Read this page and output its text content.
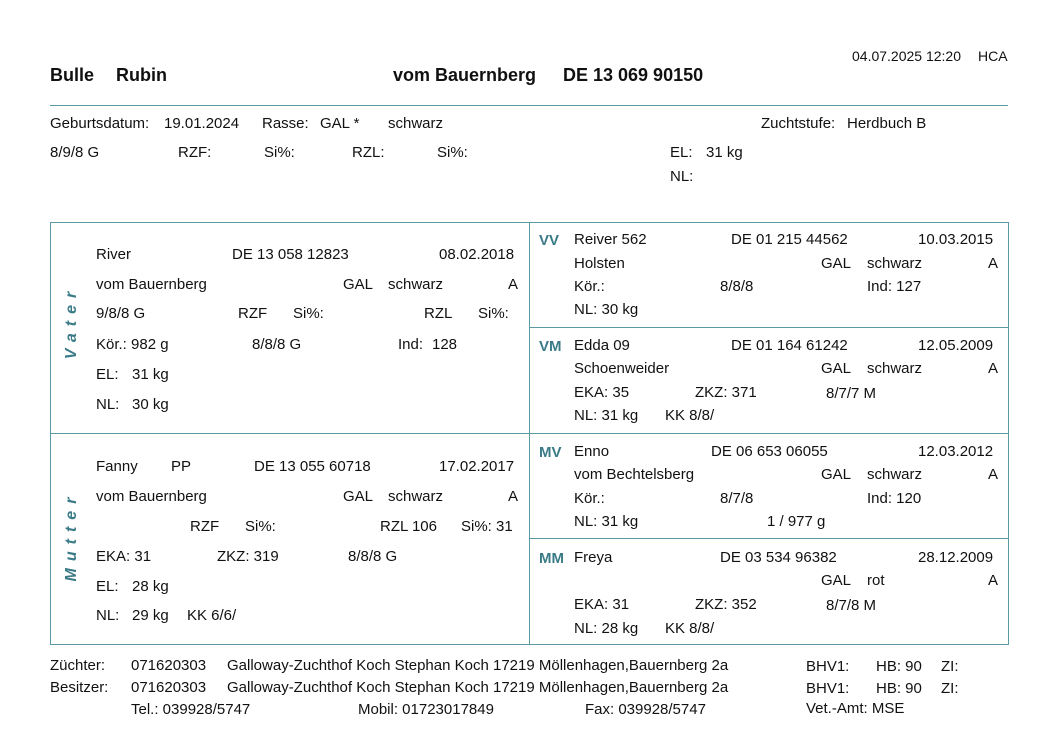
04.07.2025 12:20 HCA
Bulle Rubin	vom Bauernberg DE 13 069 90150
Geburtsdatum: 19.01.2024 Rasse: GAL * schwarz	Zuchtstufe: Herdbuch B
8/9/8 G	RZF:	Si%:	RZL:	Si%:	EL: 31 kg
NL:
Vater
River	DE 13 058 12823	08.02.2018
vom Bauernberg	GAL schwarz	A
9/8/8 G	RZF Si%:	RZL Si%:
Kör.: 982 g	8/8/8 G	Ind: 128
EL: 31 kg
NL: 30 kg
Mutter
Fanny PP	DE 13 055 60718	17.02.2017
vom Bauernberg	GAL schwarz	A
RZF Si%:	RZL 106 Si%: 31
EKA: 31	ZKZ: 319	8/8/8 G
EL: 28 kg
NL: 29 kg KK 6/6/
VV Reiver 562	DE 01 215 44562	10.03.2015
Holsten	GAL schwarz	A
Kör.:	8/8/8	Ind: 127
NL: 30 kg
VM Edda 09	DE 01 164 61242	12.05.2009
Schoenweider	GAL schwarz	A
EKA: 35	ZKZ: 371	8/7/7 M
NL: 31 kg KK 8/8/
MV Enno	DE 06 653 06055	12.03.2012
vom Bechtelsberg	GAL schwarz	A
Kör.:	8/7/8	Ind: 120
NL: 31 kg	1 / 977 g
MM Freya	DE 03 534 96382	28.12.2009
GAL rot	A
EKA: 31	ZKZ: 352	8/7/8 M
NL: 28 kg KK 8/8/
Züchter: 071620303 Galloway-Zuchthof Koch Stephan Koch 17219 Möllenhagen,Bauernberg 2a	BHV1: HB: 90 ZI:
Besitzer: 071620303 Galloway-Zuchthof Koch Stephan Koch 17219 Möllenhagen,Bauernberg 2a	BHV1: HB: 90 ZI:
Tel.: 039928/5747	Mobil: 01723017849	Fax: 039928/5747	Vet.-Amt: MSE
